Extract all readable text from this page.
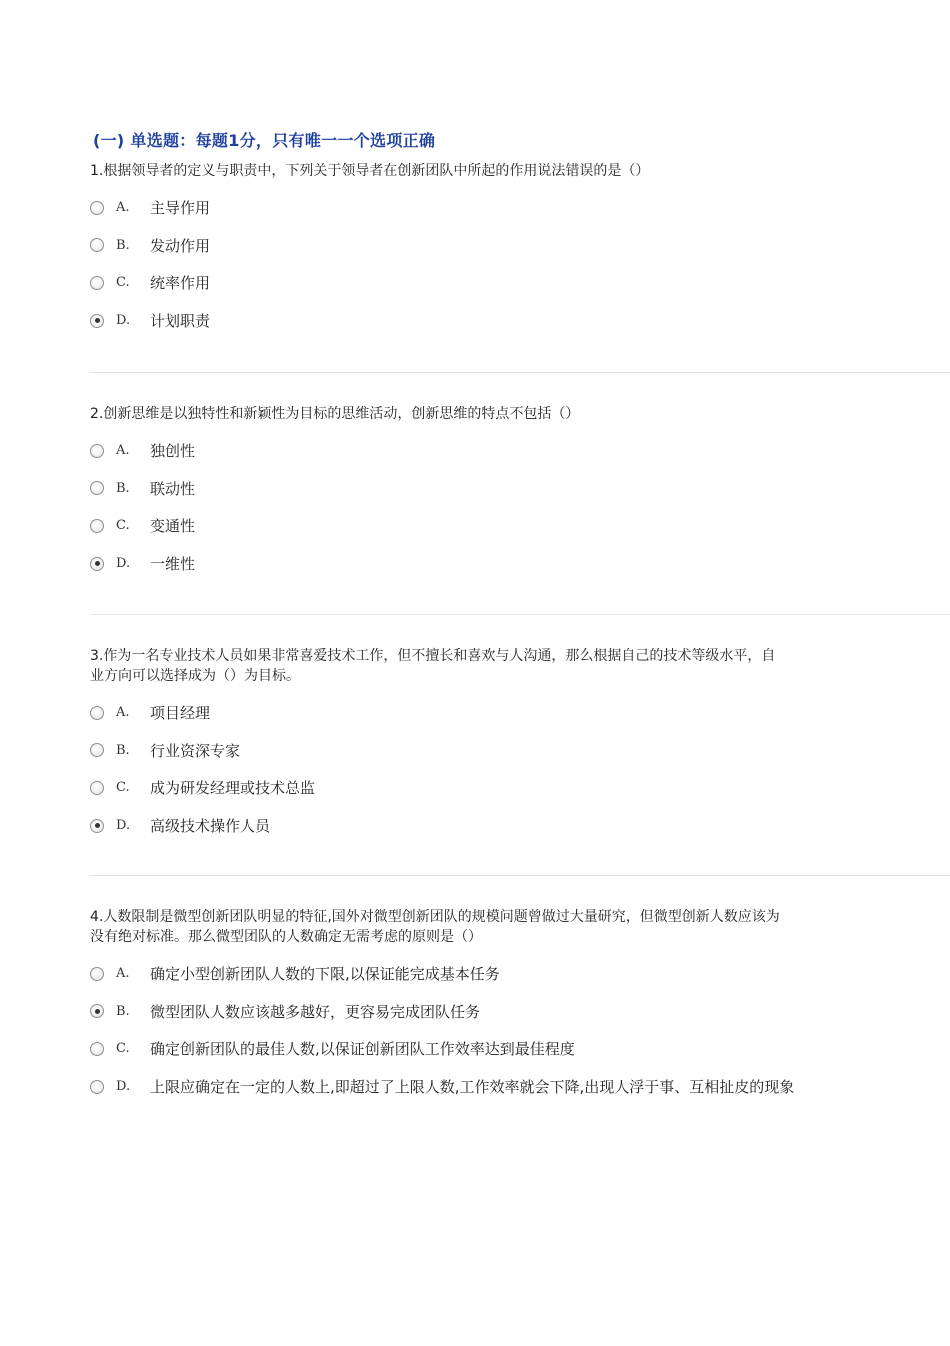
(一) 单选题：每题1分，只有唯一一个选项正确
1.根据领导者的定义与职责中，下列关于领导者在创新团队中所起的作用说法错误的是（）
A.	主导作用
B.	发动作用
C.	统率作用
D.	计划职责
2.创新思维是以独特性和新颖性为目标的思维活动，创新思维的特点不包括（）
A.	独创性
B.	联动性
C.	变通性
D.	一维性
3.作为一名专业技术人员如果非常喜爱技术工作，但不擅长和喜欢与人沟通，那么根据自己的技术等级水平，自
业方向可以选择成为（）为目标。
A.	项目经理
B.	行业资深专家
C.	成为研发经理或技术总监
D.	高级技术操作人员
4.人数限制是微型创新团队明显的特征,国外对微型创新团队的规模问题曾做过大量研究，但微型创新人数应该为
没有绝对标准。那么微型团队的人数确定无需考虑的原则是（）
A.	确定小型创新团队人数的下限,以保证能完成基本任务
B.	微型团队人数应该越多越好，更容易完成团队任务
C.	确定创新团队的最佳人数,以保证创新团队工作效率达到最佳程度
D.	上限应确定在一定的人数上,即超过了上限人数,工作效率就会下降,出现人浮于事、互相扯皮的现象
